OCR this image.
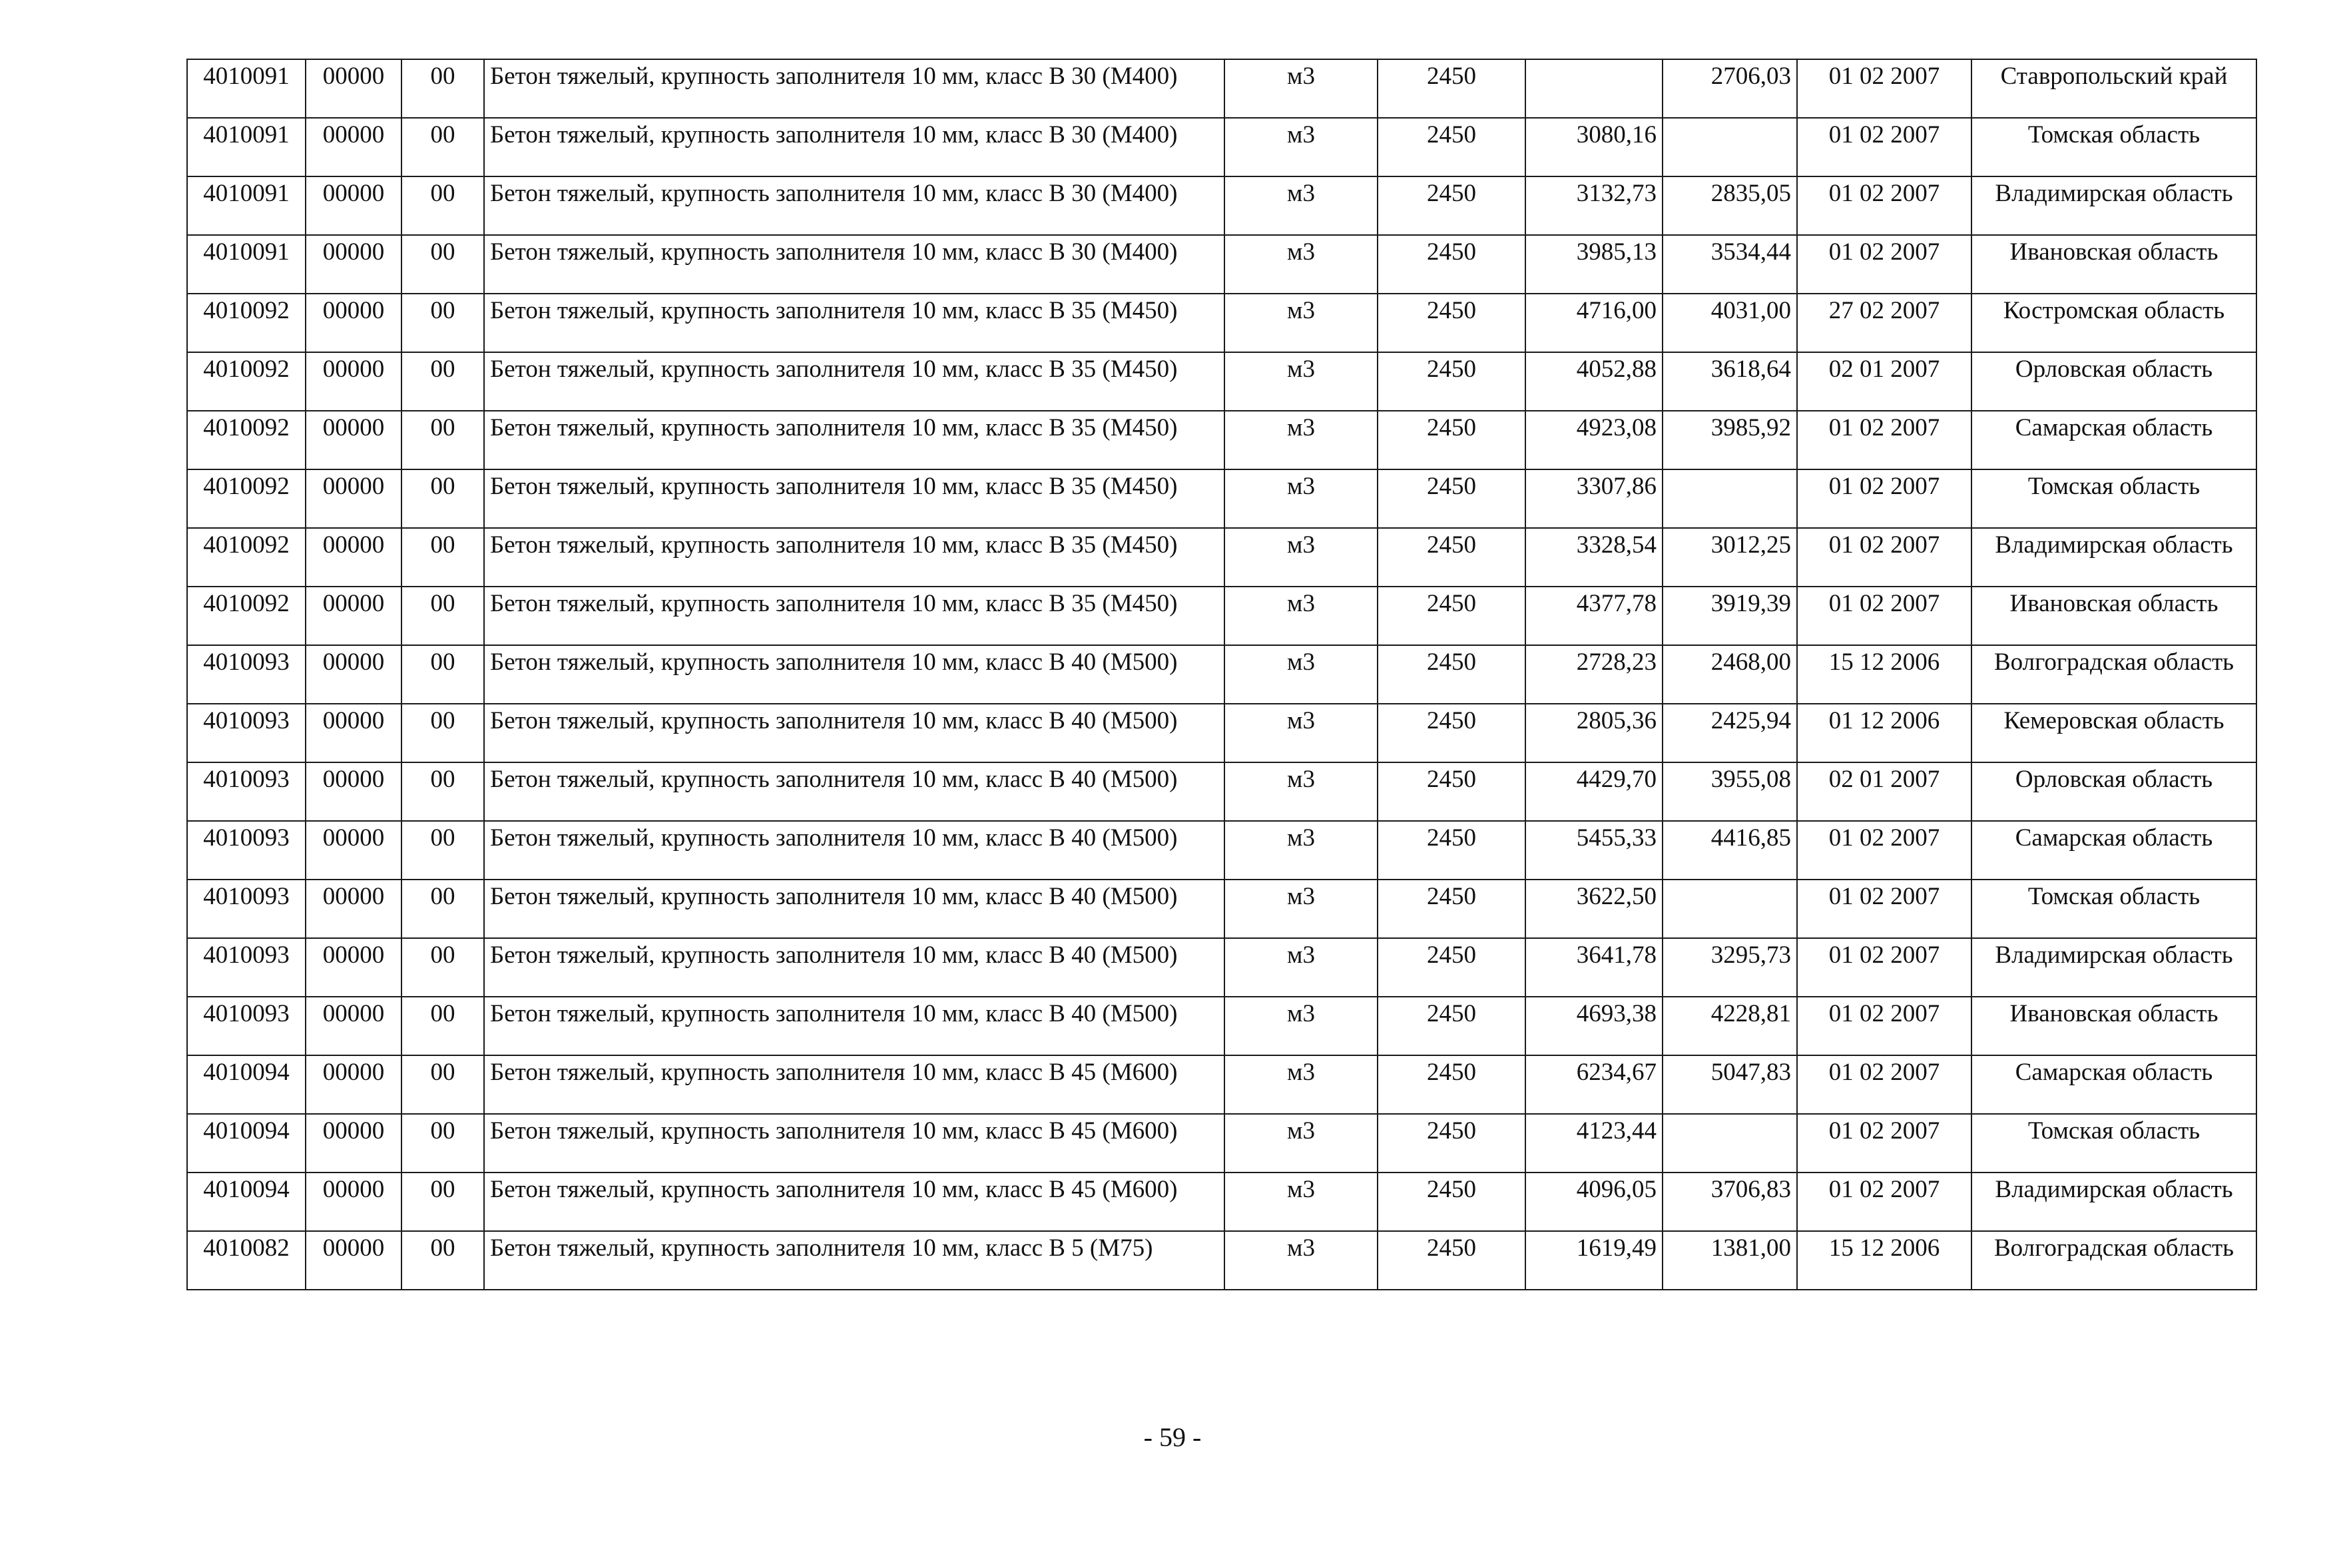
4010091	00000	00	Бетон тяжелый, крупность заполнителя 10 мм, класс В 30 (М400)	м3	2450		2706,03	01 02 2007	Ставропольский край
4010091	00000	00	Бетон тяжелый, крупность заполнителя 10 мм, класс В 30 (М400)	м3	2450	3080,16		01 02 2007	Томская область
4010091	00000	00	Бетон тяжелый, крупность заполнителя 10 мм, класс В 30 (М400)	м3	2450	3132,73	2835,05	01 02 2007	Владимирская область
4010091	00000	00	Бетон тяжелый, крупность заполнителя 10 мм, класс В 30 (М400)	м3	2450	3985,13	3534,44	01 02 2007	Ивановская область
4010092	00000	00	Бетон тяжелый, крупность заполнителя 10 мм, класс В 35 (М450)	м3	2450	4716,00	4031,00	27 02 2007	Костромская область
4010092	00000	00	Бетон тяжелый, крупность заполнителя 10 мм, класс В 35 (М450)	м3	2450	4052,88	3618,64	02 01 2007	Орловская область
4010092	00000	00	Бетон тяжелый, крупность заполнителя 10 мм, класс В 35 (М450)	м3	2450	4923,08	3985,92	01 02 2007	Самарская область
4010092	00000	00	Бетон тяжелый, крупность заполнителя 10 мм, класс В 35 (М450)	м3	2450	3307,86		01 02 2007	Томская область
4010092	00000	00	Бетон тяжелый, крупность заполнителя 10 мм, класс В 35 (М450)	м3	2450	3328,54	3012,25	01 02 2007	Владимирская область
4010092	00000	00	Бетон тяжелый, крупность заполнителя 10 мм, класс В 35 (М450)	м3	2450	4377,78	3919,39	01 02 2007	Ивановская область
4010093	00000	00	Бетон тяжелый, крупность заполнителя 10 мм, класс В 40 (М500)	м3	2450	2728,23	2468,00	15 12 2006	Волгоградская область
4010093	00000	00	Бетон тяжелый, крупность заполнителя 10 мм, класс В 40 (М500)	м3	2450	2805,36	2425,94	01 12 2006	Кемеровская область
4010093	00000	00	Бетон тяжелый, крупность заполнителя 10 мм, класс В 40 (М500)	м3	2450	4429,70	3955,08	02 01 2007	Орловская область
4010093	00000	00	Бетон тяжелый, крупность заполнителя 10 мм, класс В 40 (М500)	м3	2450	5455,33	4416,85	01 02 2007	Самарская область
4010093	00000	00	Бетон тяжелый, крупность заполнителя 10 мм, класс В 40 (М500)	м3	2450	3622,50		01 02 2007	Томская область
4010093	00000	00	Бетон тяжелый, крупность заполнителя 10 мм, класс В 40 (М500)	м3	2450	3641,78	3295,73	01 02 2007	Владимирская область
4010093	00000	00	Бетон тяжелый, крупность заполнителя 10 мм, класс В 40 (М500)	м3	2450	4693,38	4228,81	01 02 2007	Ивановская область
4010094	00000	00	Бетон тяжелый, крупность заполнителя 10 мм, класс В 45 (М600)	м3	2450	6234,67	5047,83	01 02 2007	Самарская область
4010094	00000	00	Бетон тяжелый, крупность заполнителя 10 мм, класс В 45 (М600)	м3	2450	4123,44		01 02 2007	Томская область
4010094	00000	00	Бетон тяжелый, крупность заполнителя 10 мм, класс В 45 (М600)	м3	2450	4096,05	3706,83	01 02 2007	Владимирская область
4010082	00000	00	Бетон тяжелый, крупность заполнителя 10 мм, класс В 5 (М75)	м3	2450	1619,49	1381,00	15 12 2006	Волгоградская область
- 59 -
